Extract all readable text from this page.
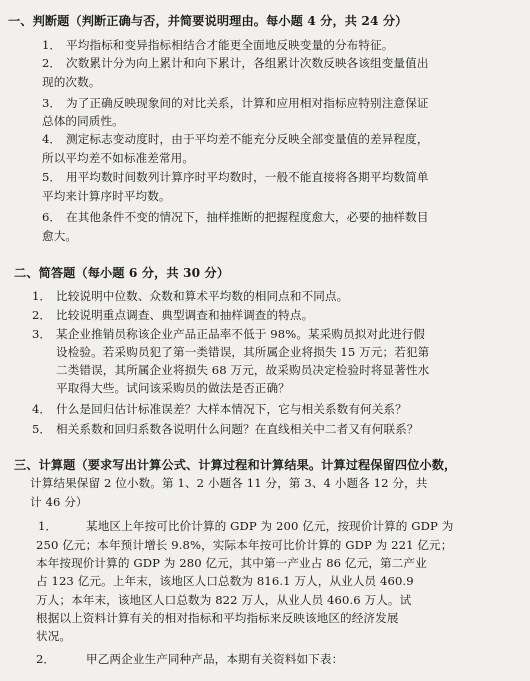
一、判断题（判断正确与否，并简要说明理由。每小题 4 分，共 24 分）
1． 平均指标和变异指标相结合才能更全面地反映变量的分布特征。
2． 次数累计分为向上累计和向下累计，各组累计次数反映各该组变量值出
现的次数。
3． 为了正确反映现象间的对比关系，计算和应用相对指标应特别注意保证
总体的同质性。
4． 测定标志变动度时，由于平均差不能充分反映全部变量值的差异程度，
所以平均差不如标准差常用。
5． 用平均数时间数列计算序时平均数时，一般不能直接将各期平均数简单
平均来计算序时平均数。
6． 在其他条件不变的情况下，抽样推断的把握程度愈大，必要的抽样数目
愈大。
二、简答题（每小题 6 分，共 30 分）
1． 比较说明中位数、众数和算术平均数的相同点和不同点。
2． 比较说明重点调查、典型调查和抽样调查的特点。
3． 某企业推销员称该企业产品正品率不低于 98%。某采购员拟对此进行假
设检验。若采购员犯了第一类错误，其所属企业将损失 15 万元；若犯第
二类错误，其所属企业将损失 68 万元，故采购员决定检验时将显著性水
平取得大些。试问该采购员的做法是否正确？
4． 什么是回归估计标准误差？大样本情况下，它与相关系数有何关系？
5． 相关系数和回归系数各说明什么问题？在直线相关中二者又有何联系？
三、计算题（要求写出计算公式、计算过程和计算结果。计算过程保留四位小数，
计算结果保留 2 位小数。第 1、2 小题各 11 分，第 3、4 小题各 12 分，共
计 46 分）
1．	某地区上年按可比价计算的 GDP 为 200 亿元，按现价计算的 GDP 为
250 亿元；本年预计增长 9.8%，实际本年按可比价计算的 GDP 为 221 亿元；
本年按现价计算的 GDP 为 280 亿元，其中第一产业占 86 亿元，第二产业
占 123 亿元。上年末，该地区人口总数为 816.1 万人，从业人员 460.9
万人；本年末，该地区人口总数为 822 万人，从业人员 460.6 万人。试
根据以上资料计算有关的相对指标和平均指标来反映该地区的经济发展
状况。
2．	甲乙两企业生产同种产品，本期有关资料如下表：
